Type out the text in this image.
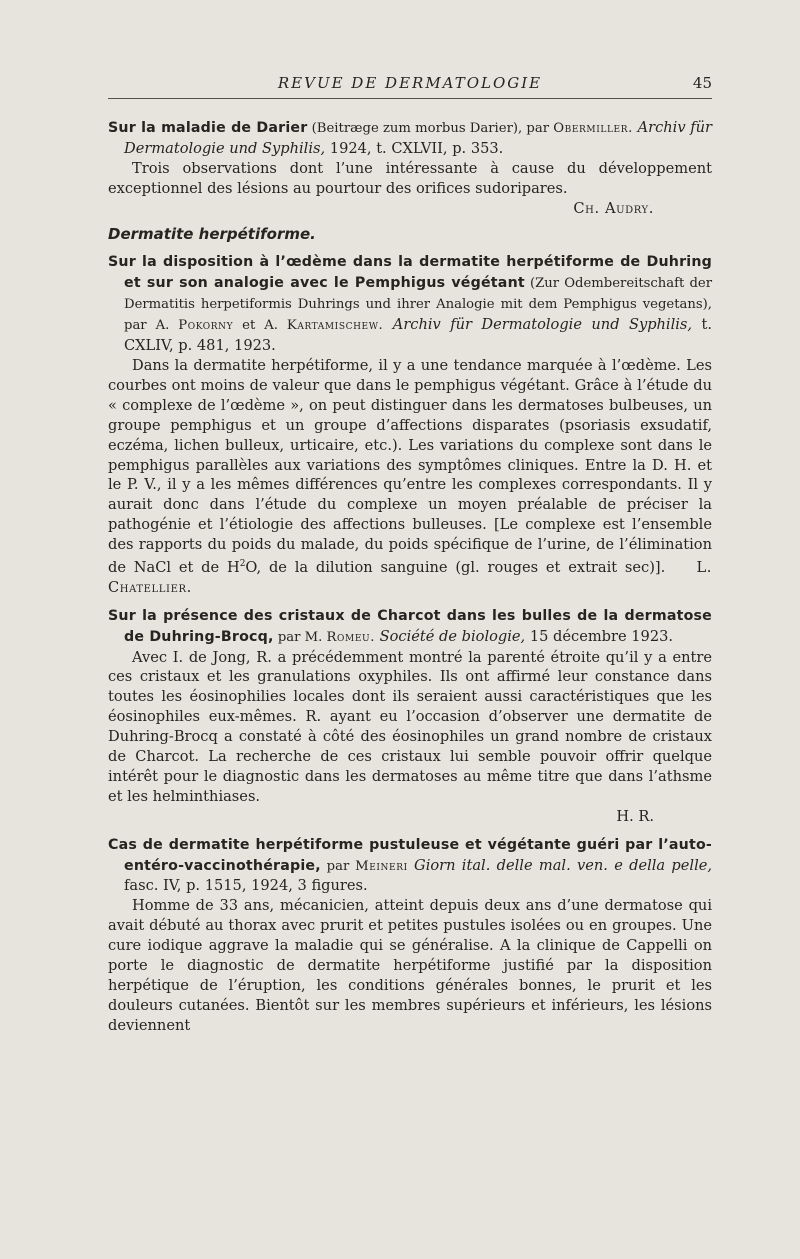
REVUE DE DERMATOLOGIE	45

Sur la maladie de Darier (Beitræge zum morbus Darier), par Obermiller. Archiv für Dermatologie und Syphilis, 1924, t. CXLVII, p. 353.

Trois observations dont l’une intéressante à cause du développement exceptionnel des lésions au pourtour des orifices sudoripares.

Ch. Audry.

Dermatite herpétiforme.

Sur la disposition à l’œdème dans la dermatite herpétiforme de Duhring et sur son analogie avec le Pemphigus végétant (Zur Odembereitschaft der Dermatitis herpetiformis Duhrings und ihrer Analogie mit dem Pemphigus vegetans), par A. Pokorny et A. Kartamischew. Archiv für Dermatologie und Syphilis, t. CXLIV, p. 481, 1923.

Dans la dermatite herpétiforme, il y a une tendance marquée à l’œdème. Les courbes ont moins de valeur que dans le pemphigus végétant. Grâce à l’étude du « complexe de l’œdème », on peut distinguer dans les dermatoses bulbeuses, un groupe pemphigus et un groupe d’affections disparates (psoriasis exsudatif, eczéma, lichen bulleux, urticaire, etc.). Les variations du complexe sont dans le pemphigus parallèles aux variations des symptômes cliniques. Entre la D. H. et le P. V., il y a les mêmes différences qu’entre les complexes correspondants. Il y aurait donc dans l’étude du complexe un moyen préalable de préciser la pathogénie et l’étiologie des affections bulleuses. [Le complexe est l’ensemble des rapports du poids du malade, du poids spécifique de l’urine, de l’élimination de NaCl et de $H^2O$, de la dilution sanguine (gl. rouges et extrait sec)]. L. Chatellier.

Sur la présence des cristaux de Charcot dans les bulles de la dermatose de Duhring-Brocq, par M. Romeu. Société de biologie, 15 décembre 1923.

Avec I. de Jong, R. a précédemment montré la parenté étroite qu’il y a entre ces cristaux et les granulations oxyphiles. Ils ont affirmé leur constance dans toutes les éosinophilies locales dont ils seraient aussi caractéristiques que les éosinophiles eux-mêmes. R. ayant eu l’occasion d’observer une dermatite de Duhring-Brocq a constaté à côté des éosinophiles un grand nombre de cristaux de Charcot. La recherche de ces cristaux lui semble pouvoir offrir quelque intérêt pour le diagnostic dans les dermatoses au même titre que dans l’athsme et les helminthiases.

H. R.

Cas de dermatite herpétiforme pustuleuse et végétante guéri par l’auto-entéro-vaccinothérapie, par Meineri Giorn ital. delle mal. ven. e della pelle, fasc. IV, p. 1515, 1924, 3 figures.

Homme de 33 ans, mécanicien, atteint depuis deux ans d’une dermatose qui avait débuté au thorax avec prurit et petites pustules isolées ou en groupes. Une cure iodique aggrave la maladie qui se généralise. A la clinique de Cappelli on porte le diagnostic de dermatite herpétiforme justifié par la disposition herpétique de l’éruption, les conditions générales bonnes, le prurit et les douleurs cutanées. Bientôt sur les membres supérieurs et inférieurs, les lésions deviennent
